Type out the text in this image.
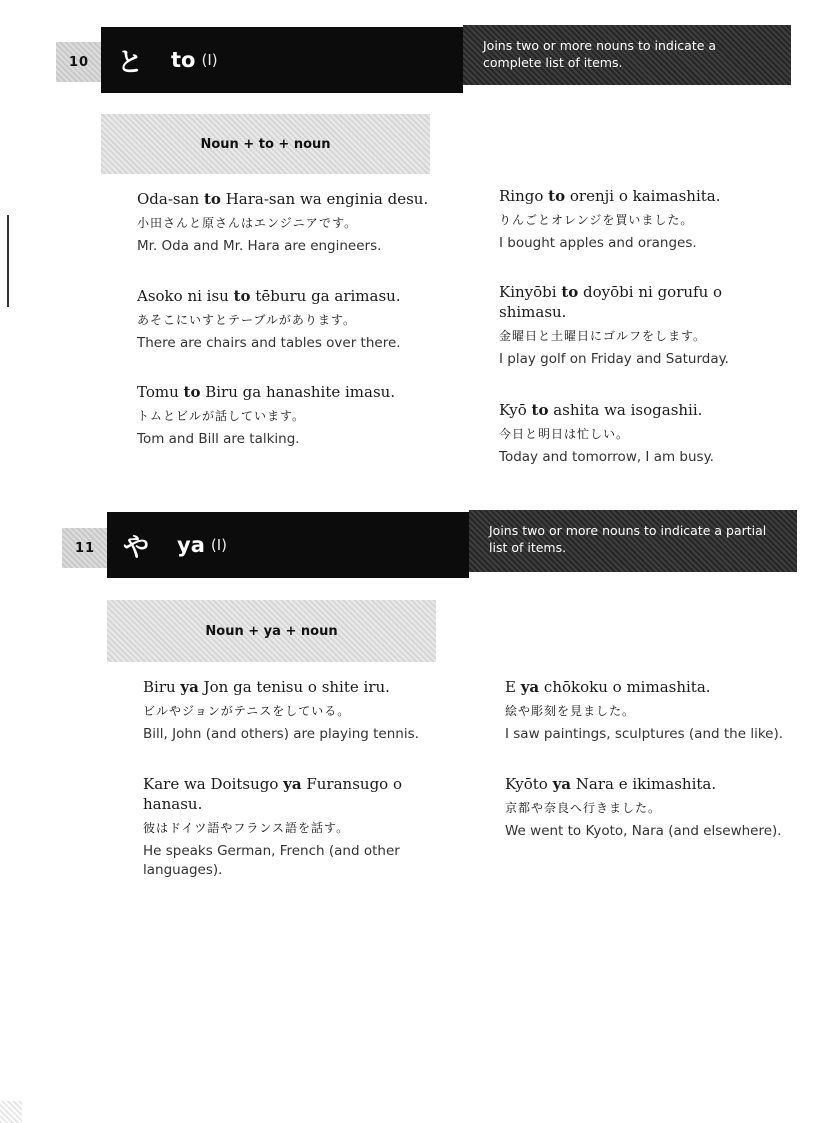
10	と	to (I)
Joins two or more nouns to indicate a complete list of items.
Noun + to + noun
Oda-san to Hara-san wa enginia desu.
小田さんと原さんはエンジニアです。
Mr. Oda and Mr. Hara are engineers.
Asoko ni isu to tēburu ga arimasu.
あそこにいすとテーブルがあります。
There are chairs and tables over there.
Tomu to Biru ga hanashite imasu.
トムとビルが話しています。
Tom and Bill are talking.
Ringo to orenji o kaimashita.
りんごとオレンジを買いました。
I bought apples and oranges.
Kinyōbi to doyōbi ni gorufu o shimasu.
金曜日と土曜日にゴルフをします。
I play golf on Friday and Saturday.
Kyō to ashita wa isogashii.
今日と明日は忙しい。
Today and tomorrow, I am busy.
11	や	ya (I)
Joins two or more nouns to indicate a partial list of items.
Noun + ya + noun
Biru ya Jon ga tenisu o shite iru.
ビルやジョンがテニスをしている。
Bill, John (and others) are playing tennis.
Kare wa Doitsugo ya Furansugo o hanasu.
彼はドイツ語やフランス語を話す。
He speaks German, French (and other languages).
E ya chōkoku o mimashita.
絵や彫刻を見ました。
I saw paintings, sculptures (and the like).
Kyōto ya Nara e ikimashita.
京都や奈良へ行きました。
We went to Kyoto, Nara (and elsewhere).
